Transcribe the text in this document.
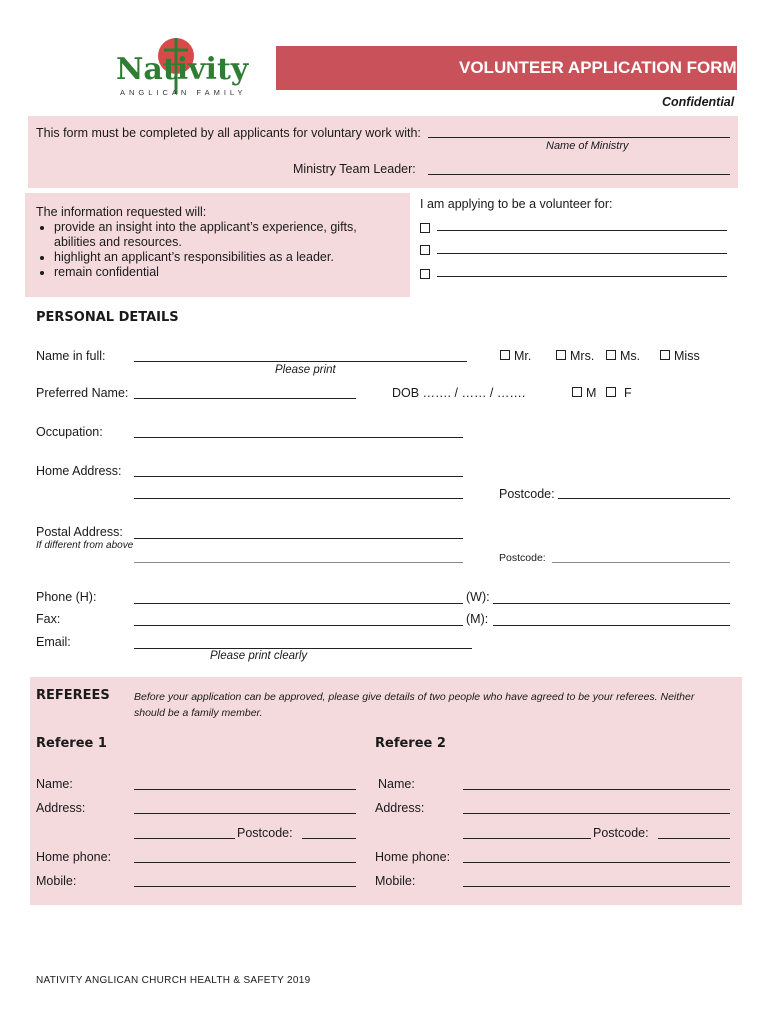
Nativity
ANGLICAN FAMILY
VOLUNTEER APPLICATION FORM
Confidential
This form must be completed by all applicants for voluntary work with:
Name of Ministry
Ministry Team Leader:
The information requested will:
• provide an insight into the applicant’s experience, gifts, abilities and resources.
• highlight an applicant’s responsibilities as a leader.
• remain confidential
I am applying to be a volunteer for:
PERSONAL DETAILS
Name in full:
Please print
Mr.	Mrs.	Ms.	Miss
Preferred Name:	DOB ……. / …… / …….	M	F
Occupation:
Home Address:
Postcode:
Postal Address:
If different from above
Postcode:
Phone (H):	(W):
Fax:	(M):
Email:
Please print clearly
REFEREES Before your application can be approved, please give details of two people who have agreed to be your referees. Neither should be a family member.
Referee 1	Referee 2
Name:
Address:
Postcode:
Home phone:
Mobile:
Name:
Address:
Postcode:
Home phone:
Mobile:
NATIVITY ANGLICAN CHURCH HEALTH & SAFETY 2019
